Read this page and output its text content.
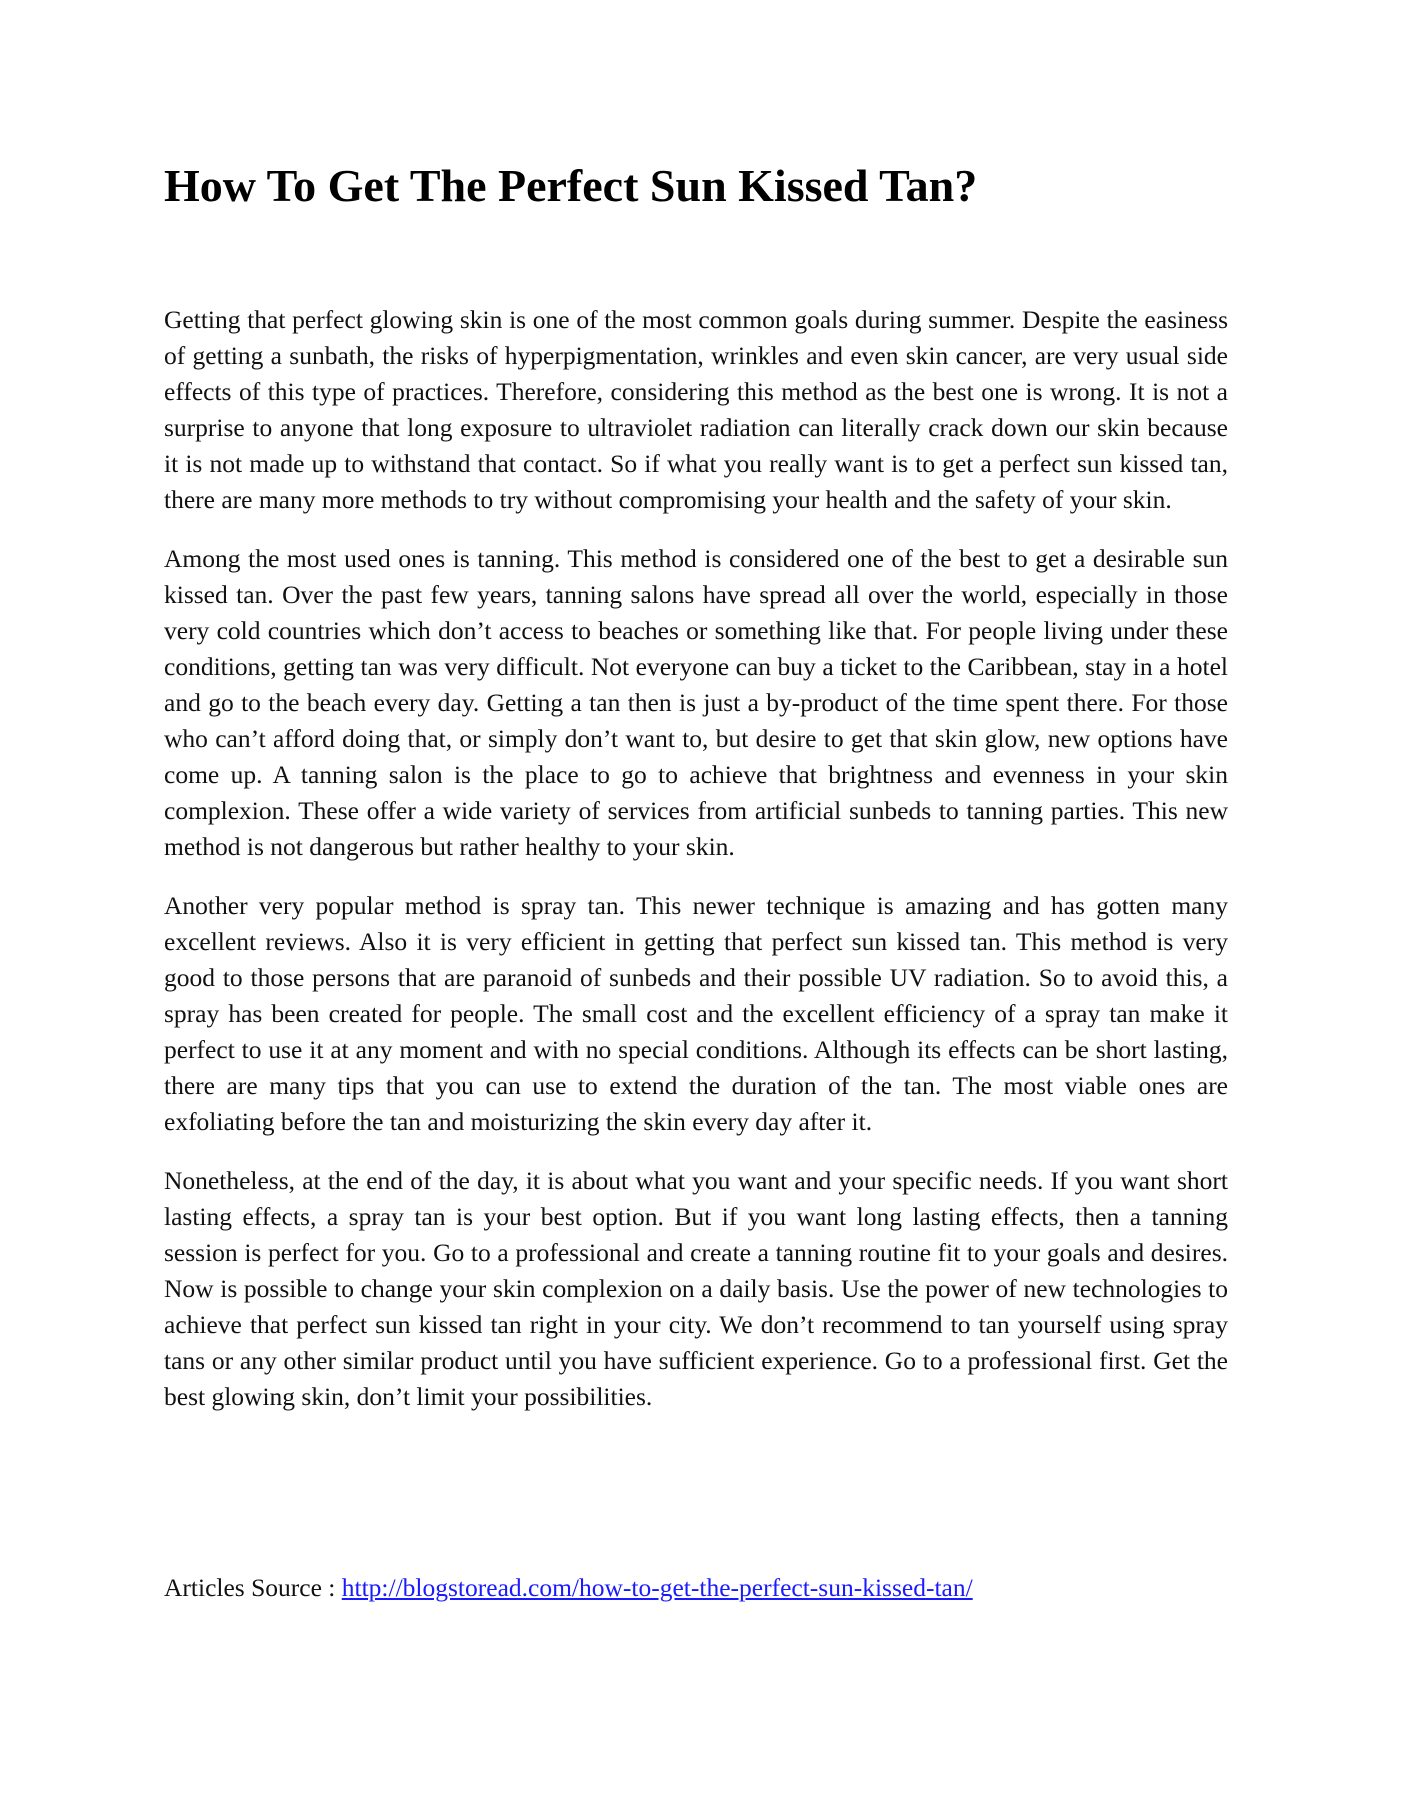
How To Get The Perfect Sun Kissed Tan?

Getting that perfect glowing skin is one of the most common goals during summer. Despite the easiness of getting a sunbath, the risks of hyperpigmentation, wrinkles and even skin cancer, are very usual side effects of this type of practices. Therefore, considering this method as the best one is wrong. It is not a surprise to anyone that long exposure to ultraviolet radiation can literally crack down our skin because it is not made up to withstand that contact. So if what you really want is to get a perfect sun kissed tan, there are many more methods to try without compromising your health and the safety of your skin.

Among the most used ones is tanning. This method is considered one of the best to get a desirable sun kissed tan. Over the past few years, tanning salons have spread all over the world, especially in those very cold countries which don’t access to beaches or something like that. For people living under these conditions, getting tan was very difficult. Not everyone can buy a ticket to the Caribbean, stay in a hotel and go to the beach every day. Getting a tan then is just a by-product of the time spent there. For those who can’t afford doing that, or simply don’t want to, but desire to get that skin glow, new options have come up. A tanning salon is the place to go to achieve that brightness and evenness in your skin complexion. These offer a wide variety of services from artificial sunbeds to tanning parties. This new method is not dangerous but rather healthy to your skin.

Another very popular method is spray tan. This newer technique is amazing and has gotten many excellent reviews. Also it is very efficient in getting that perfect sun kissed tan. This method is very good to those persons that are paranoid of sunbeds and their possible UV radiation. So to avoid this, a spray has been created for people. The small cost and the excellent efficiency of a spray tan make it perfect to use it at any moment and with no special conditions. Although its effects can be short lasting, there are many tips that you can use to extend the duration of the tan. The most viable ones are exfoliating before the tan and moisturizing the skin every day after it.

Nonetheless, at the end of the day, it is about what you want and your specific needs. If you want short lasting effects, a spray tan is your best option. But if you want long lasting effects, then a tanning session is perfect for you. Go to a professional and create a tanning routine fit to your goals and desires. Now is possible to change your skin complexion on a daily basis. Use the power of new technologies to achieve that perfect sun kissed tan right in your city. We don’t recommend to tan yourself using spray tans or any other similar product until you have sufficient experience. Go to a professional first. Get the best glowing skin, don’t limit your possibilities.

Articles Source : http://blogstoread.com/how-to-get-the-perfect-sun-kissed-tan/
